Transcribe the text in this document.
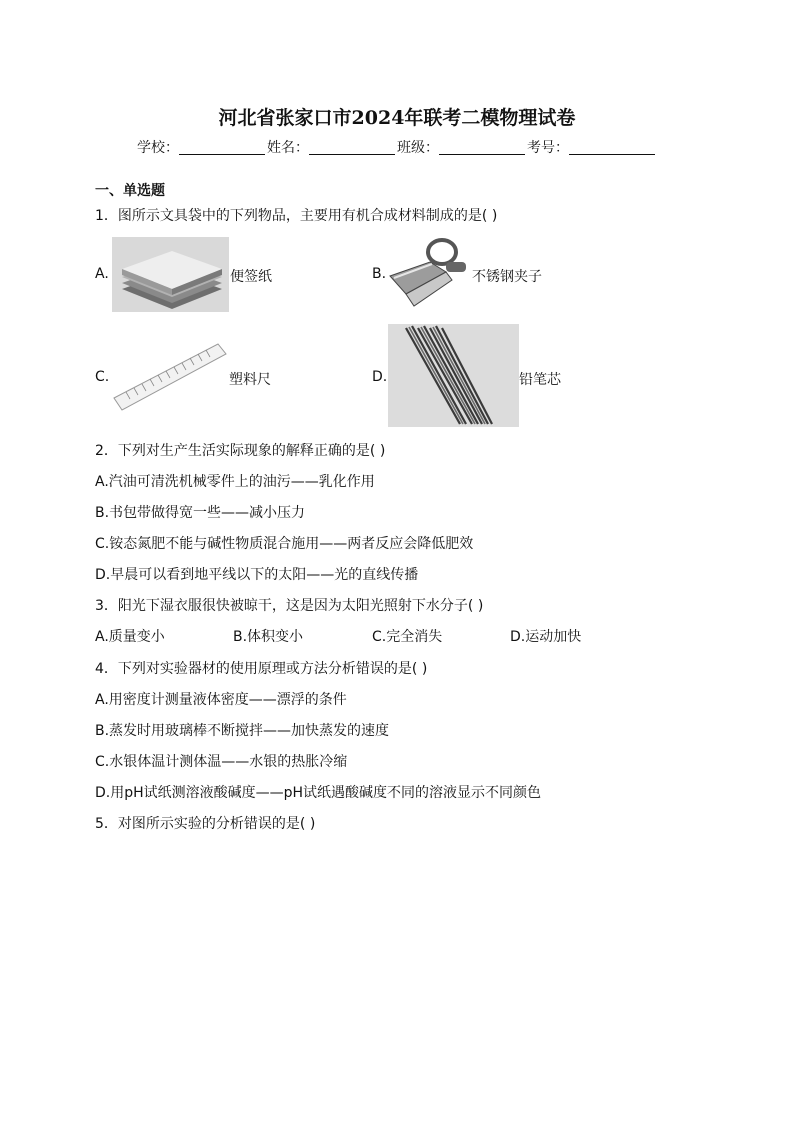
河北省张家口市2024年联考二模物理试卷
学校：	姓名：	班级：	考号：
一、单选题
1．图所示文具袋中的下列物品，主要用有机合成材料制成的是( )
A.	便签纸	B.	不锈钢夹子
C.	塑料尺	D.	铅笔芯
2．下列对生产生活实际现象的解释正确的是( )
A.汽油可清洗机械零件上的油污——乳化作用
B.书包带做得宽一些——减小压力
C.铵态氮肥不能与碱性物质混合施用——两者反应会降低肥效
D.早晨可以看到地平线以下的太阳——光的直线传播
3．阳光下湿衣服很快被晾干，这是因为太阳光照射下水分子( )
A.质量变小	B.体积变小	C.完全消失	D.运动加快
4．下列对实验器材的使用原理或方法分析错误的是( )
A.用密度计测量液体密度——漂浮的条件
B.蒸发时用玻璃棒不断搅拌——加快蒸发的速度
C.水银体温计测体温——水银的热胀冷缩
D.用pH试纸测溶液酸碱度——pH试纸遇酸碱度不同的溶液显示不同颜色
5．对图所示实验的分析错误的是( )
